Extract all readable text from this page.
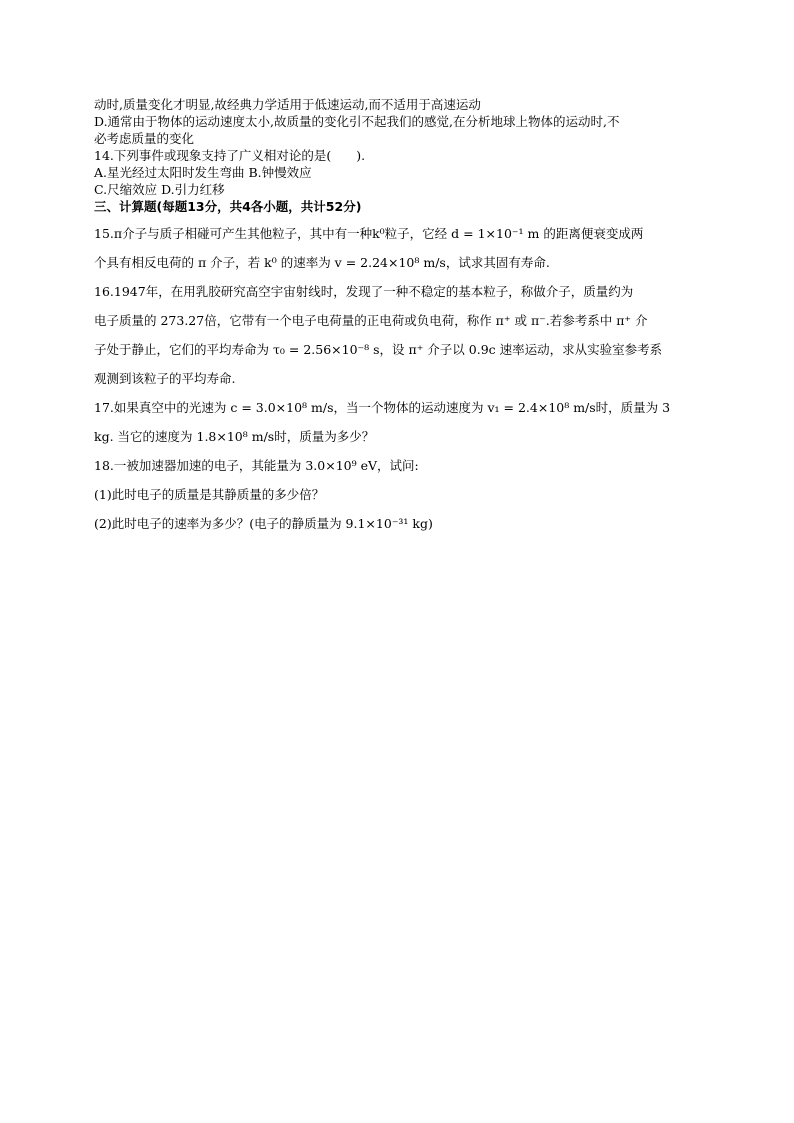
动时,质量变化才明显,故经典力学适用于低速运动,而不适用于高速运动
D.通常由于物体的运动速度太小,故质量的变化引不起我们的感觉,在分析地球上物体的运动时,不
必考虑质量的变化
14.下列事件或现象支持了广义相对论的是(　　).
A.星光经过太阳时发生弯曲 B.钟慢效应
C.尺缩效应 D.引力红移
三、计算题(每题13分，共4各小题，共计52分)
15.π介子与质子相碰可产生其他粒子，其中有一种k⁰粒子，它经 d = 1×10⁻¹ m 的距离便衰变成两
个具有相反电荷的 π 介子，若 k⁰ 的速率为 v = 2.24×10⁸ m/s，试求其固有寿命.
16.1947年，在用乳胶研究高空宇宙射线时，发现了一种不稳定的基本粒子，称做介子，质量约为
电子质量的 273.27倍，它带有一个电子电荷量的正电荷或负电荷，称作 π⁺ 或 π⁻.若参考系中 π⁺ 介
子处于静止，它们的平均寿命为 τ₀ = 2.56×10⁻⁸ s，设 π⁺ 介子以 0.9c 速率运动，求从实验室参考系
观测到该粒子的平均寿命.
17.如果真空中的光速为 c = 3.0×10⁸ m/s，当一个物体的运动速度为 v₁ = 2.4×10⁸ m/s时，质量为 3
kg. 当它的速度为 1.8×10⁸ m/s时，质量为多少？
18.一被加速器加速的电子，其能量为 3.0×10⁹ eV，试问:
(1)此时电子的质量是其静质量的多少倍？
(2)此时电子的速率为多少？(电子的静质量为 9.1×10⁻³¹ kg)
